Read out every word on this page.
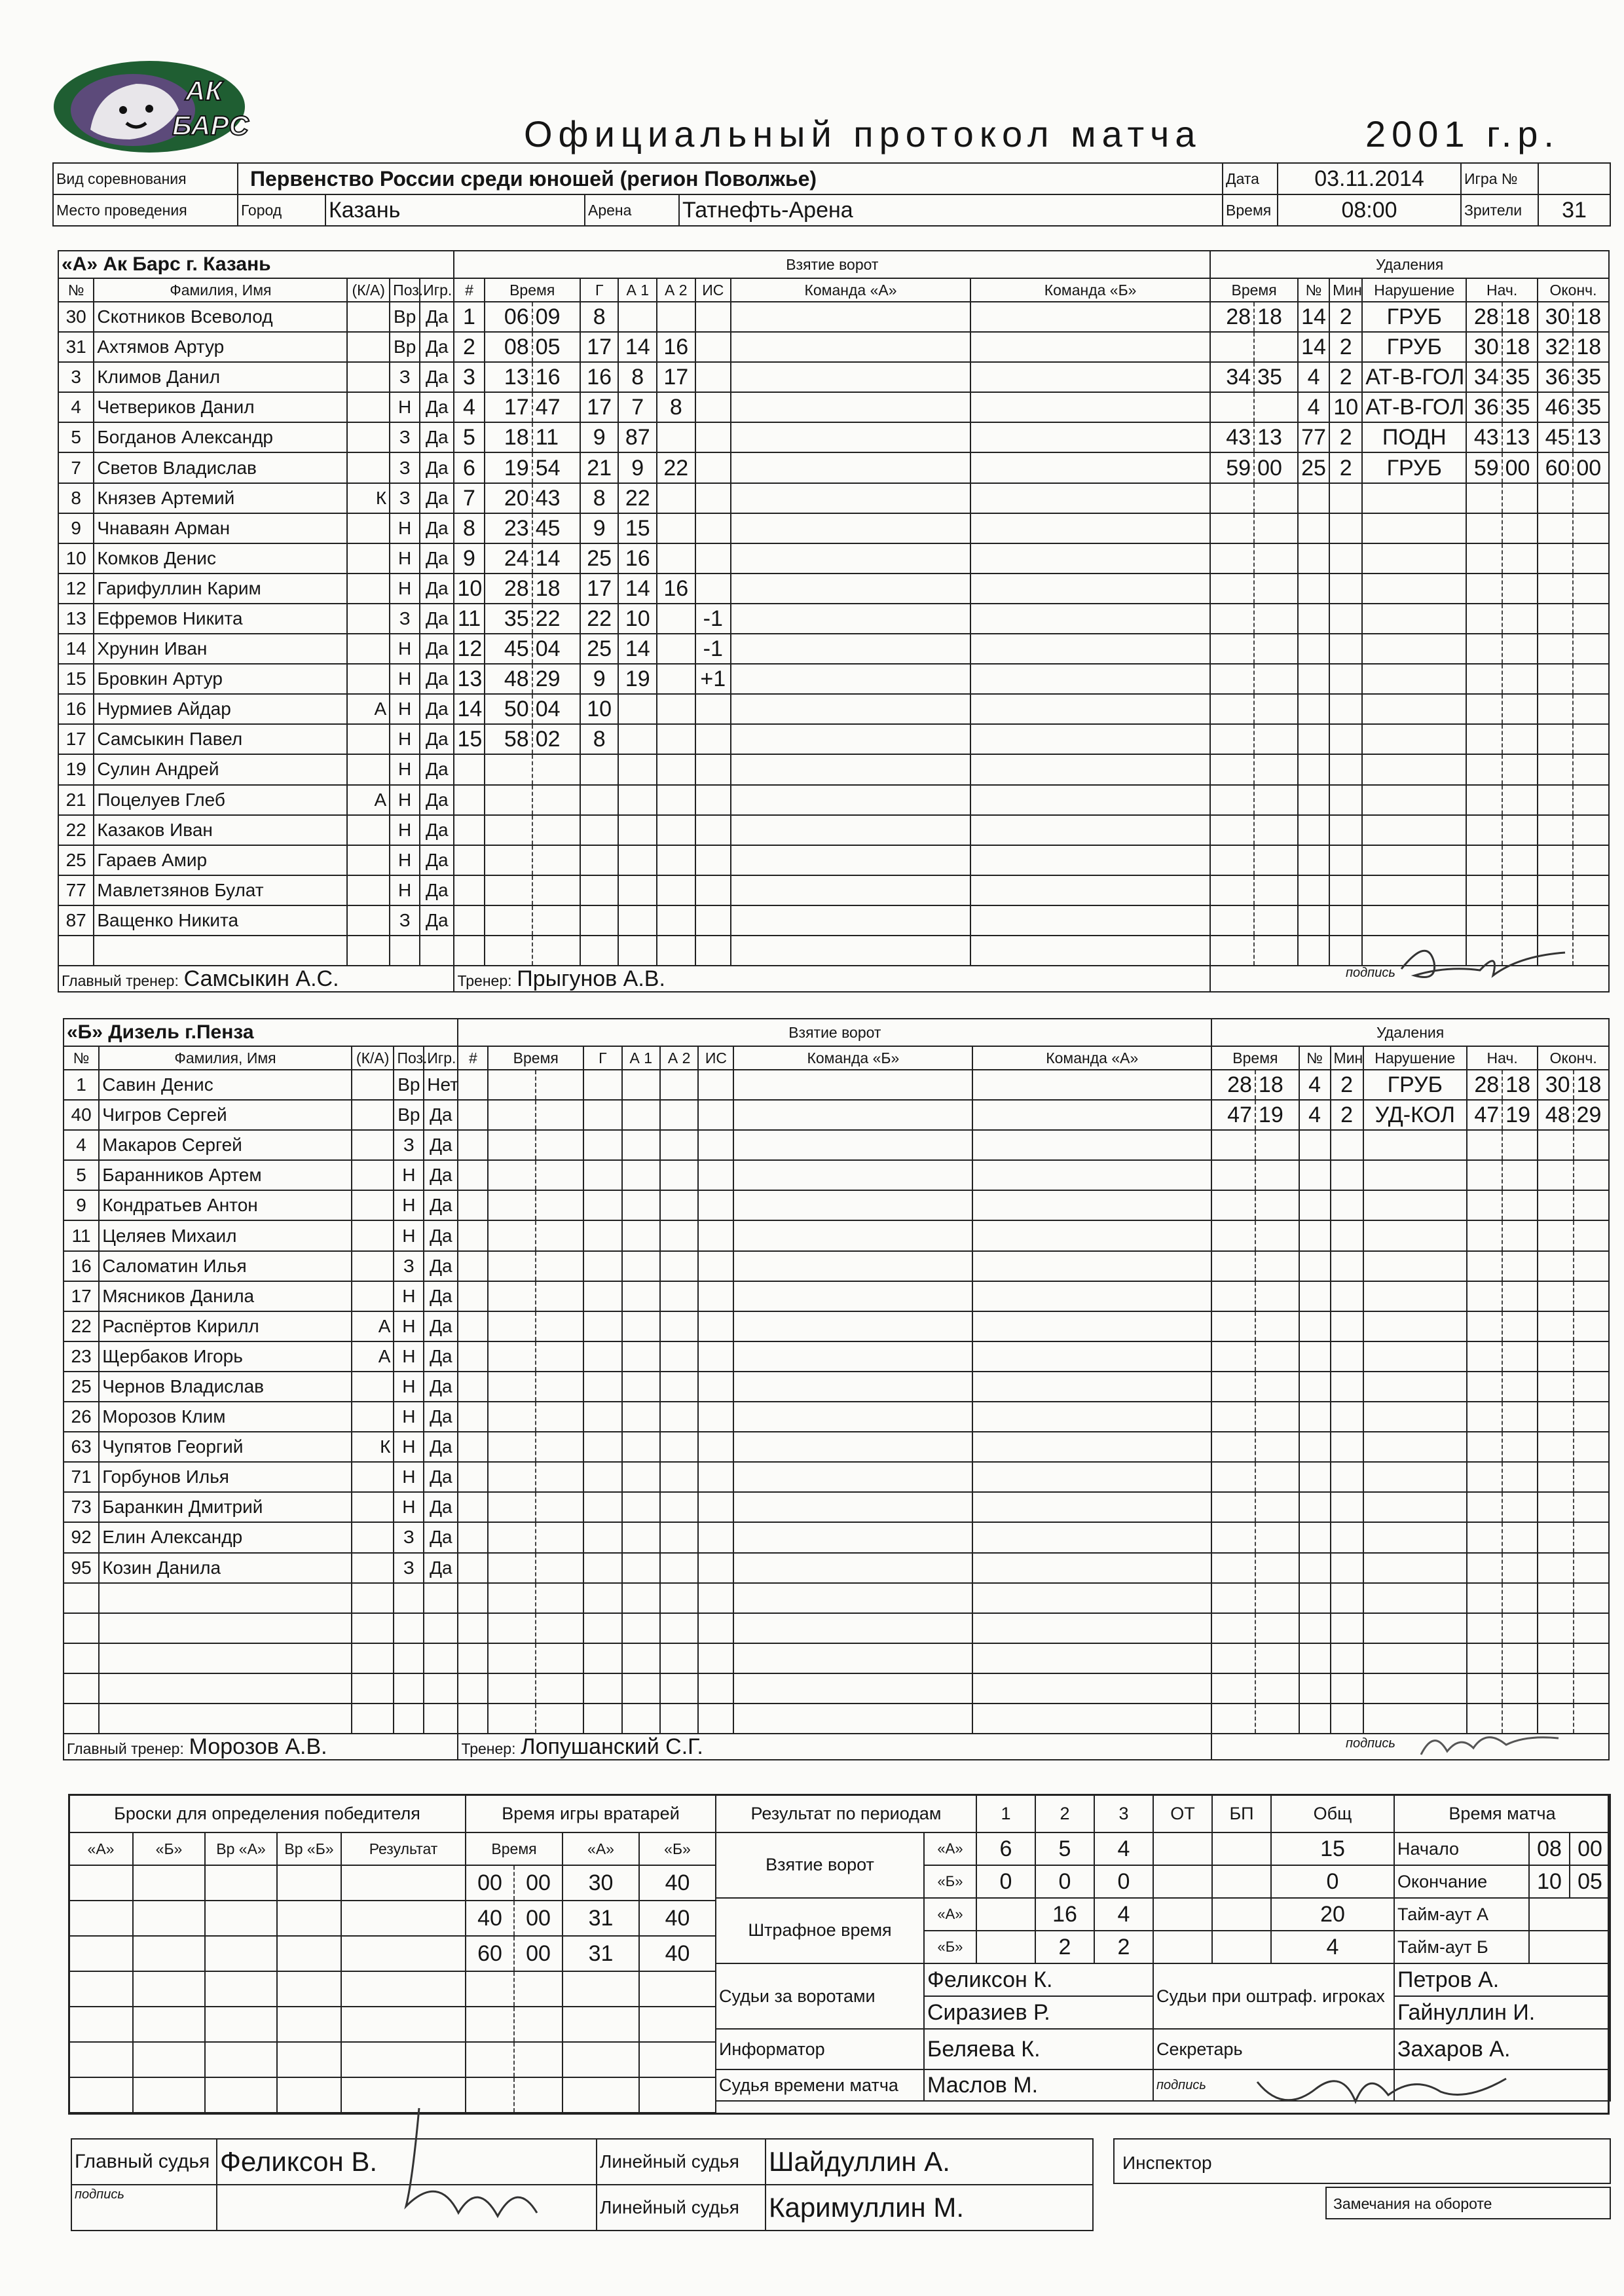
АК
БАРС	Официальный протокол матча	2001 г.р.
Вид соревнования	Первенство России среди юношей (регион Поволжье)				Дата	03.11.2014	Игра №	
Место проведения	Город	Казань	Арена	Татнефть-Арена	Время	08:00	Зрители	31
«А» Ак Барс г. Казань					Взятие ворот									Удаления								
№	Фамилия, Имя	(К/А)	Поз.	Игр.	#	Время		Г	А 1	А 2	ИС	Команда «А»	Команда «Б»	Время		№	Мин	Нарушение	Нач.		Оконч.	
30	Скотников Всеволод		Вр	Да	1	06	09	8						28	18	14	2	ГРУБ	28	18	30	18
31	Ахтямов Артур		Вр	Да	2	08	05	17	14	16						14	2	ГРУБ	30	18	32	18
3	Климов Данил		З	Да	3	13	16	16	8	17				34	35	4	2	АТ-В-ГОЛ	34	35	36	35
4	Четвериков Данил		Н	Да	4	17	47	17	7	8						4	10	АТ-В-ГОЛ	36	35	46	35
5	Богданов Александр		З	Да	5	18	11	9	87					43	13	77	2	ПОДН	43	13	45	13
7	Светов Владислав		З	Да	6	19	54	21	9	22				59	00	25	2	ГРУБ	59	00	60	00
8	Князев Артемий	К	З	Да	7	20	43	8	22													
9	Чнаваян Арман		Н	Да	8	23	45	9	15													
10	Комков Денис		Н	Да	9	24	14	25	16													
12	Гарифуллин Карим		Н	Да	10	28	18	17	14	16												
13	Ефремов Никита		З	Да	11	35	22	22	10		-1											
14	Хрунин Иван		Н	Да	12	45	04	25	14		-1											
15	Бровкин Артур		Н	Да	13	48	29	9	19		+1											
16	Нурмиев Айдар	А	Н	Да	14	50	04	10														
17	Самсыкин Павел		Н	Да	15	58	02	8														
19	Сулин Андрей		Н	Да																		
21	Поцелуев Глеб	А	Н	Да																		
22	Казаков Иван		Н	Да																		
25	Гараев Амир		Н	Да																		
77	Мавлетзянов Булат		Н	Да																		
87	Ващенко Никита		З	Да																		

Главный тренер: Самсыкин А.С.					Тренер: Прыгунов А.В.																		подпись
«Б» Дизель г.Пенза					Взятие ворот									Удаления								
№	Фамилия, Имя	(К/А)	Поз.	Игр.	#	Время		Г	А 1	А 2	ИС	Команда «Б»	Команда «А»	Время		№	Мин	Нарушение	Нач.		Оконч.	
1	Савин Денис		Вр	Нет										28	18	4	2	ГРУБ	28	18	30	18
40	Чигров Сергей		Вр	Да										47	19	4	2	УД-КОЛ	47	19	48	29
4	Макаров Сергей		З	Да																		
5	Баранников Артем		Н	Да																		
9	Кондратьев Антон		Н	Да																		
11	Целяев Михаил		Н	Да																		
16	Саломатин Илья		З	Да																		
17	Мясников Данила		Н	Да																		
22	Распёртов Кирилл	А	Н	Да																		
23	Щербаков Игорь	А	Н	Да																		
25	Чернов Владислав		Н	Да																		
26	Морозов Клим		Н	Да																		
63	Чупятов Георгий	К	Н	Да																		
71	Горбунов Илья		Н	Да																		
73	Баранкин Дмитрий		Н	Да																		
92	Елин Александр		З	Да																		
95	Козин Данила		З	Да																		

Главный тренер: Морозов А.В.					Тренер: Лопушанский С.Г.																		подпись
Броски для определения победителя				
«А»	«Б»	Вр «А»	Вр «Б»	Результат

Время игры вратарей			
Время		«А»	«Б»
00	00	30	40
40	00	31	40
60	00	31	40

Результат по периодам		1	2	3	ОТ	БП	Общ
Взятие ворот	«А»	6	5	4			15
	«Б»	0	0	0			0
Штрафное время	«А»		16	4			20
	«Б»		2	2			4
Время матча		
Начало	08	00
Окончание	10	05
Тайм-аут А		
Тайм-аут Б		
Судьи за воротами	Феликсон К.	Судьи при оштраф. игроках	Петров А.
	Сиразиев Р.		Гайнуллин И.
Информатор	Беляева К.	Секретарь	Захаров А.
Судья времени матча	Маслов М.	подпись	
Главный судья	Феликсон В.	Линейный судья	Шайдуллин А.
подпись		Линейный судья	Каримуллин М.
Инспектор
Замечания на обороте
